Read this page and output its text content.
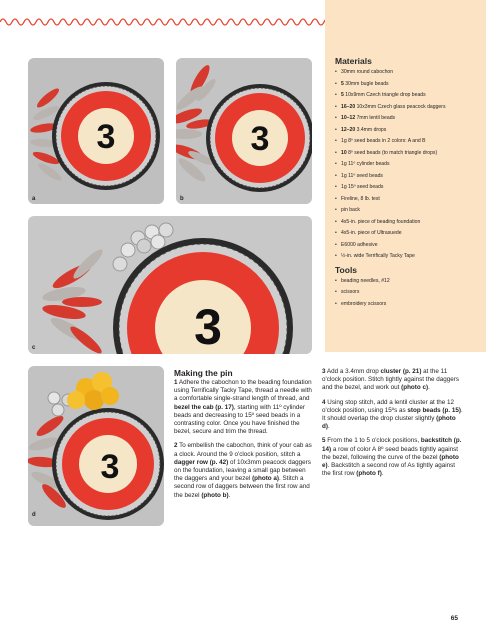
Materials
• 30mm round cabochon
• 5 30mm bugle beads
• 5 10x9mm Czech triangle drop beads
• 16–20 10x3mm Czech glass peacock daggers
• 10–12 7mm lentil beads
• 12–20 3.4mm drops
• 1g 8º seed beads in 2 colors: A and B
• 10 8º seed beads (to match triangle drops)
• 1g 11º cylinder beads
• 1g 11º seed beads
• 1g 15º seed beads
• Fireline, 8 lb. test
• pin back
• 4x5-in. piece of beading foundation
• 4x5-in. piece of Ultrasuede
• E6000 adhesive
• ½-in. wide Terrifically Tacky Tape
Tools
• beading needles, #12
• scissors
• embroidery scissors
3
a
3
b
3
c
3
d
Making the pin

1 Adhere the cabochon to the beading foundation using Terrifically Tacky Tape, thread a needle with a comfortable single-strand length of thread, and bezel the cab (p. 17), starting with 11º cylinder beads and decreasing to 15º seed beads in a contrasting color. Once you have finished the bezel, secure and trim the thread.

2 To embellish the cabochon, think of your cab as a clock. Around the 9 o'clock position, stitch a dagger row (p. 42) of 10x3mm peacock daggers on the foundation, leaving a small gap between the daggers and your bezel (photo a). Stitch a second row of daggers between the first row and the bezel (photo b).

3 Add a 3.4mm drop cluster (p. 21) at the 11 o'clock position. Stitch tightly against the daggers and the bezel, and work out (photo c).

4 Using stop stitch, add a lentil cluster at the 12 o'clock position, using 15ºs as stop beads (p. 15). It should overlap the drop cluster slightly (photo d).

5 From the 1 to 5 o'clock positions, backstitch (p. 14) a row of color A 8º seed beads tightly against the bezel, following the curve of the bezel (photo e). Backstitch a second row of As tightly against the first row (photo f).

65
